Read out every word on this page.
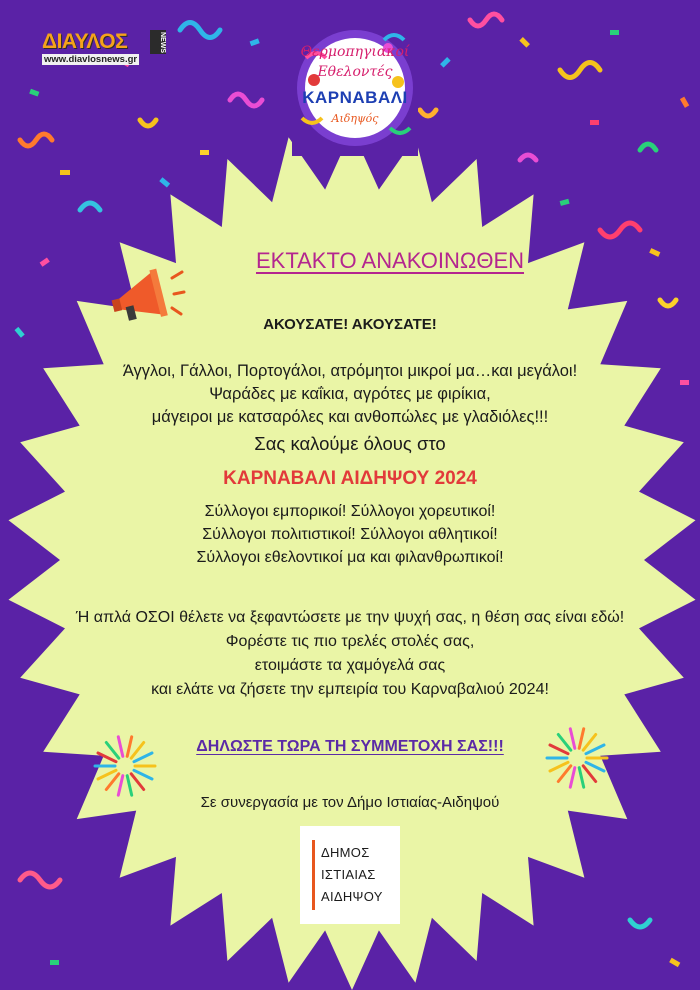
ΔΙΑΥΛΟΣ	NEWS
www.diavlosnews.gr	Θερμοπηγιακοί
Εθελοντές
ΚΑΡΝΑΒΑΛΙ
Αιδηψός
ΕΚΤΑΚΤΟ ΑΝΑΚΟΙΝΩΘΕΝ
ΑΚΟΥΣΑΤΕ! ΑΚΟΥΣΑΤΕ!
Άγγλοι, Γάλλοι, Πορτογάλοι, ατρόμητοι μικροί μα…και μεγάλοι!
Ψαράδες με καΐκια, αγρότες με φιρίκια,
μάγειροι με κατσαρόλες και ανθοπώλες με γλαδιόλες!!!
Σας καλούμε όλους στο
ΚΑΡΝΑΒΑΛΙ ΑΙΔΗΨΟΥ 2024
Σύλλογοι εμπορικοί! Σύλλογοι χορευτικοί!
Σύλλογοι πολιτιστικοί! Σύλλογοι αθλητικοί!
Σύλλογοι εθελοντικοί μα και φιλανθρωπικοί!
Ή απλά ΟΣΟΙ θέλετε να ξεφαντώσετε με την ψυχή σας, η θέση σας είναι εδώ!
Φορέστε τις πιο τρελές στολές σας,
ετοιμάστε τα χαμόγελά σας
και ελάτε να ζήσετε την εμπειρία του Καρναβαλιού 2024!
ΔΗΛΩΣΤΕ ΤΩΡΑ ΤΗ ΣΥΜΜΕΤΟΧΗ ΣΑΣ!!!
Σε συνεργασία με τον Δήμο Ιστιαίας-Αιδηψού
ΔΗΜΟΣ
ΙΣΤΙΑΙΑΣ
ΑΙΔΗΨΟΥ
